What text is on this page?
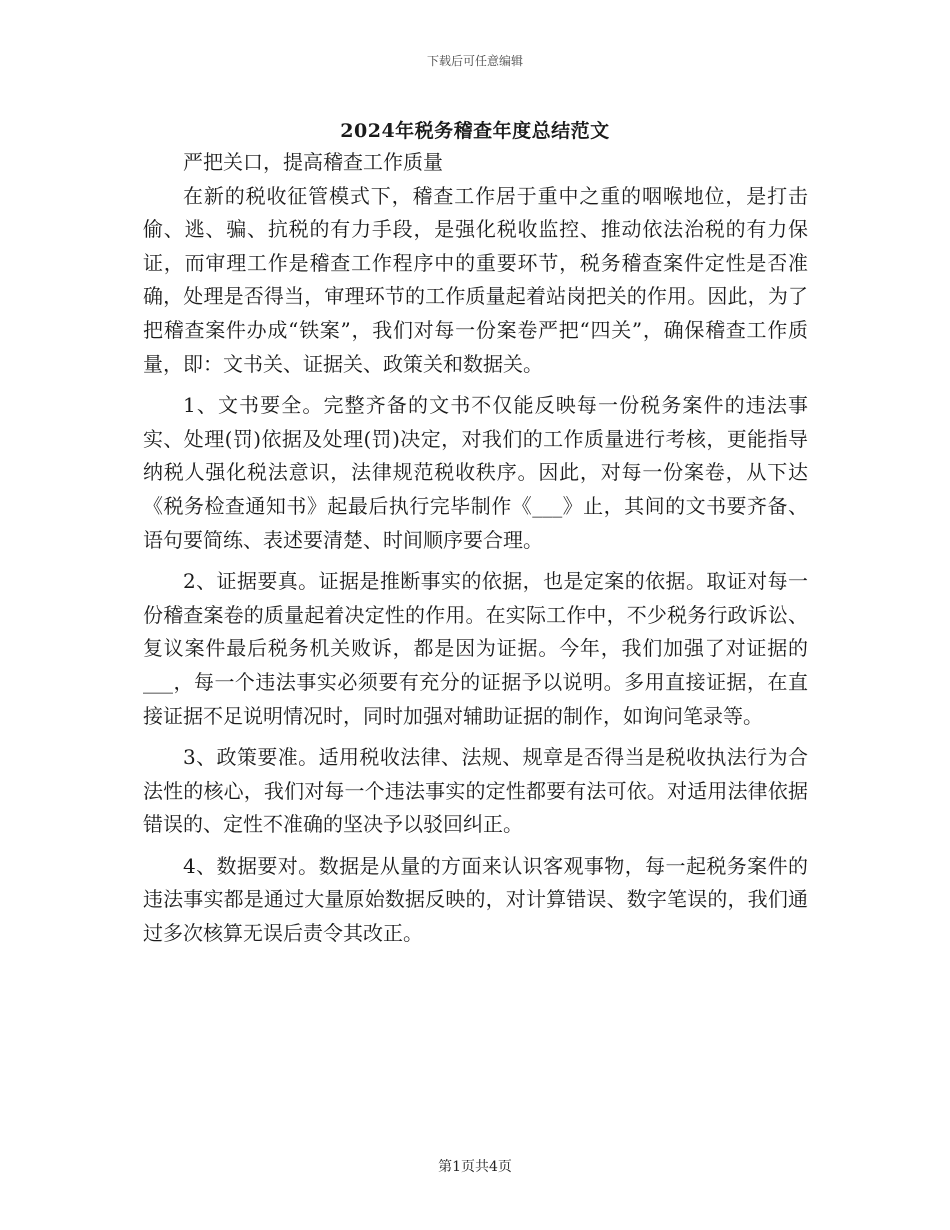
下载后可任意编辑
2024年税务稽查年度总结范文

严把关口，提高稽查工作质量

在新的税收征管模式下，稽查工作居于重中之重的咽喉地位，是打击偷、逃、骗、抗税的有力手段，是强化税收监控、推动依法治税的有力保证，而审理工作是稽查工作程序中的重要环节，税务稽查案件定性是否准确，处理是否得当，审理环节的工作质量起着站岗把关的作用。因此，为了把稽查案件办成“铁案”，我们对每一份案卷严把“四关”，确保稽查工作质量，即：文书关、证据关、政策关和数据关。

1、文书要全。完整齐备的文书不仅能反映每一份税务案件的违法事实、处理(罚)依据及处理(罚)决定，对我们的工作质量进行考核，更能指导纳税人强化税法意识，法律规范税收秩序。因此，对每一份案卷，从下达《税务检查通知书》起最后执行完毕制作《___》止，其间的文书要齐备、语句要简练、表述要清楚、时间顺序要合理。

2、证据要真。证据是推断事实的依据，也是定案的依据。取证对每一份稽查案卷的质量起着决定性的作用。在实际工作中，不少税务行政诉讼、复议案件最后税务机关败诉，都是因为证据。今年，我们加强了对证据的___，每一个违法事实必须要有充分的证据予以说明。多用直接证据，在直接证据不足说明情况时，同时加强对辅助证据的制作，如询问笔录等。

3、政策要准。适用税收法律、法规、规章是否得当是税收执法行为合法性的核心，我们对每一个违法事实的定性都要有法可依。对适用法律依据错误的、定性不准确的坚决予以驳回纠正。

4、数据要对。数据是从量的方面来认识客观事物，每一起税务案件的违法事实都是通过大量原始数据反映的，对计算错误、数字笔误的，我们通过多次核算无误后责令其改正。

第1页共4页
